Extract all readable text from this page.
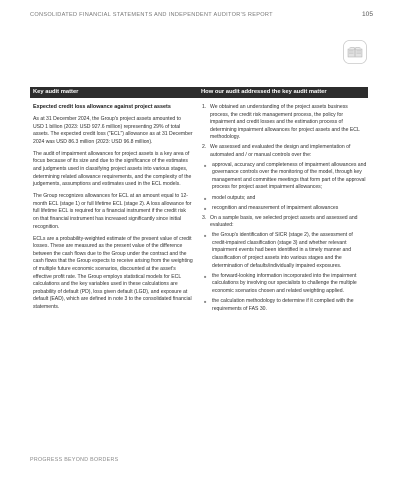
CONSOLIDATED FINANCIAL STATEMENTS AND INDEPENDENT AUDITOR'S REPORT	105
Key audit matter	How our audit addressed the key audit matter
Expected credit loss allowance against project assets

As at 31 December 2024, the Group's project assets amounted to USD 1 billion (2023: USD 927.6 million) representing 29% of total assets. The expected credit loss ("ECL") allowance as at 31 December 2024 was USD 86.3 million (2023: USD 96.8 million).

The audit of impairment allowances for project assets is a key area of focus because of its size and due to the significance of the estimates and judgments used in classifying project assets into various stages, determining related allowance requirements, and the complexity of the judgements, assumptions and estimates used in the ECL models.

The Group recognizes allowances for ECL at an amount equal to 12-month ECL (stage 1) or full lifetime ECL (stage 2). A loss allowance for full lifetime ECL is required for a financial instrument if the credit risk on that financial instrument has increased significantly since initial recognition.

ECLs are a probability-weighted estimate of the present value of credit losses. These are measured as the present value of the difference between the cash flows due to the Group under the contract and the cash flows that the Group expects to receive arising from the weighting of multiple future economic scenarios, discounted at the asset's effective profit rate. The Group employs statistical models for ECL calculations and the key variables used in these calculations are probability of default (PD), loss given default (LGD), and exposure at default (EAD), which are defined in note 3 to the consolidated financial statements.

1. We obtained an understanding of the project assets business process, the credit risk management process, the policy for impairment and credit losses and the estimation process of determining impairment allowances for project assets and the ECL methodology.
2. We assessed and evaluated the design and implementation of automated and / or manual controls over the:
■	approval, accuracy and completeness of impairment allowances and governance controls over the monitoring of the model, through key management and committee meetings that form part of the approval process for project asset impairment allowances;
■	model outputs; and
■	recognition and measurement of impairment allowances
3. On a sample basis, we selected project assets and assessed and evaluated:
■	the Group's identification of SICR (stage 2), the assessment of credit-impaired classification (stage 3) and whether relevant impairment events had been identified in a timely manner and classification of project assets into various stages and the determination of defaults/individually impaired exposures.
■	the forward-looking information incorporated into the impairment calculations by involving our specialists to challenge the multiple economic scenarios chosen and related weighting applied.
■	the calculation methodology to determine if it complied with the requirements of FAS 30.
PROGRESS BEYOND BORDERS
